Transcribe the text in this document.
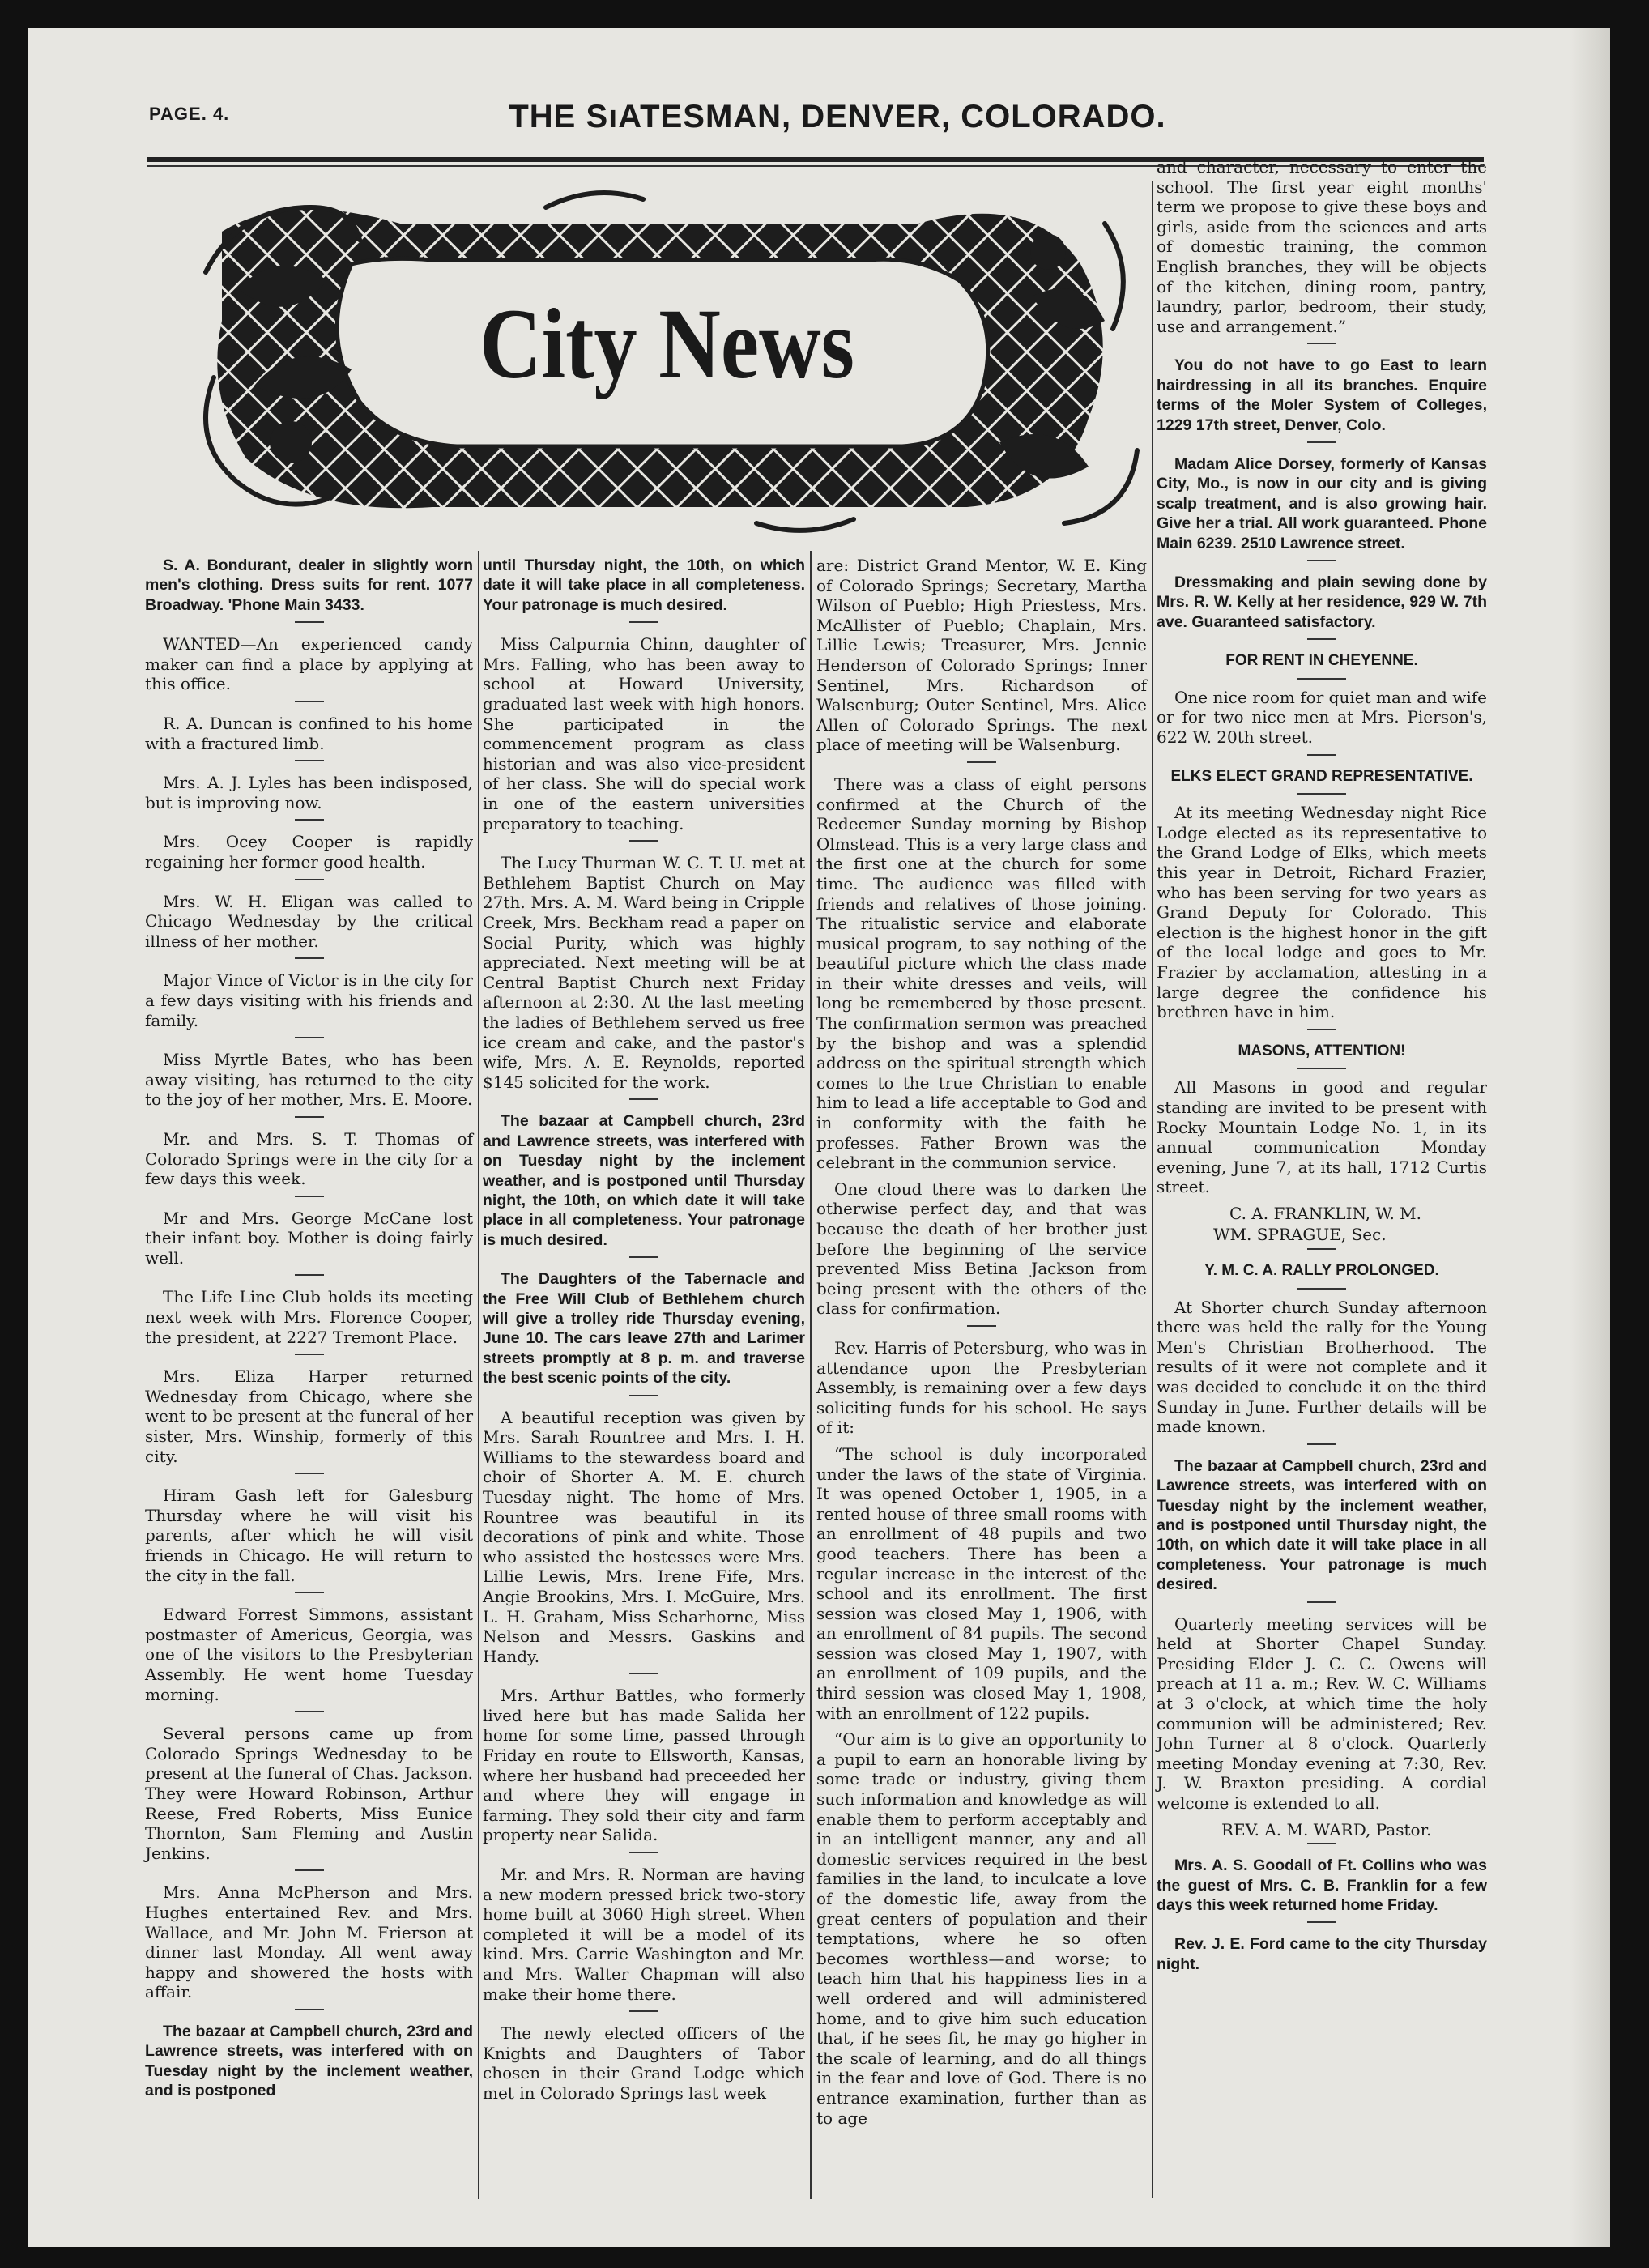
PAGE. 4.	THE SıATESMAN, DENVER, COLORADO.
City News

S. A. Bondurant, dealer in slightly worn men's clothing. Dress suits for rent. 1077 Broadway. 'Phone Main 3433.

WANTED—An experienced candy maker can find a place by applying at this office.

R. A. Duncan is confined to his home with a fractured limb.

Mrs. A. J. Lyles has been indisposed, but is improving now.

Mrs. Ocey Cooper is rapidly regaining her former good health.

Mrs. W. H. Eligan was called to Chicago Wednesday by the critical illness of her mother.

Major Vince of Victor is in the city for a few days visiting with his friends and family.

Miss Myrtle Bates, who has been away visiting, has returned to the city to the joy of her mother, Mrs. E. Moore.

Mr. and Mrs. S. T. Thomas of Colorado Springs were in the city for a few days this week.

Mr and Mrs. George McCane lost their infant boy. Mother is doing fairly well.

The Life Line Club holds its meeting next week with Mrs. Florence Cooper, the president, at 2227 Tremont Place.

Mrs. Eliza Harper returned Wednesday from Chicago, where she went to be present at the funeral of her sister, Mrs. Winship, formerly of this city.

Hiram Gash left for Galesburg Thursday where he will visit his parents, after which he will visit friends in Chicago. He will return to the city in the fall.

Edward Forrest Simmons, assistant postmaster of Americus, Georgia, was one of the visitors to the Presbyterian Assembly. He went home Tuesday morning.

Several persons came up from Colorado Springs Wednesday to be present at the funeral of Chas. Jackson. They were Howard Robinson, Arthur Reese, Fred Roberts, Miss Eunice Thornton, Sam Fleming and Austin Jenkins.

Mrs. Anna McPherson and Mrs. Hughes entertained Rev. and Mrs. Wallace, and Mr. John M. Frierson at dinner last Monday. All went away happy and showered the hosts with affair.

The bazaar at Campbell church, 23rd and Lawrence streets, was interfered with on Tuesday night by the inclement weather, and is postponed

until Thursday night, the 10th, on which date it will take place in all completeness. Your patronage is much desired.

Miss Calpurnia Chinn, daughter of Mrs. Falling, who has been away to school at Howard University, graduated last week with high honors. She participated in the commencement program as class historian and was also vice-president of her class. She will do special work in one of the eastern universities preparatory to teaching.

The Lucy Thurman W. C. T. U. met at Bethlehem Baptist Church on May 27th. Mrs. A. M. Ward being in Cripple Creek, Mrs. Beckham read a paper on Social Purity, which was highly appreciated. Next meeting will be at Central Baptist Church next Friday afternoon at 2:30. At the last meeting the ladies of Bethlehem served us free ice cream and cake, and the pastor's wife, Mrs. A. E. Reynolds, reported $145 solicited for the work.

The bazaar at Campbell church, 23rd and Lawrence streets, was interfered with on Tuesday night by the inclement weather, and is postponed until Thursday night, the 10th, on which date it will take place in all completeness. Your patronage is much desired.

The Daughters of the Tabernacle and the Free Will Club of Bethlehem church will give a trolley ride Thursday evening, June 10. The cars leave 27th and Larimer streets promptly at 8 p. m. and traverse the best scenic points of the city.

A beautiful reception was given by Mrs. Sarah Rountree and Mrs. I. H. Williams to the stewardess board and choir of Shorter A. M. E. church Tuesday night. The home of Mrs. Rountree was beautiful in its decorations of pink and white. Those who assisted the hostesses were Mrs. Lillie Lewis, Mrs. Irene Fife, Mrs. Angie Brookins, Mrs. I. McGuire, Mrs. L. H. Graham, Miss Scharhorne, Miss Nelson and Messrs. Gaskins and Handy.

Mrs. Arthur Battles, who formerly lived here but has made Salida her home for some time, passed through Friday en route to Ellsworth, Kansas, where her husband had preceeded her and where they will engage in farming. They sold their city and farm property near Salida.

Mr. and Mrs. R. Norman are having a new modern pressed brick two-story home built at 3060 High street. When completed it will be a model of its kind. Mrs. Carrie Washington and Mr. and Mrs. Walter Chapman will also make their home there.

The newly elected officers of the Knights and Daughters of Tabor chosen in their Grand Lodge which met in Colorado Springs last week

are: District Grand Mentor, W. E. King of Colorado Springs; Secretary, Martha Wilson of Pueblo; High Priestess, Mrs. McAllister of Pueblo; Chaplain, Mrs. Lillie Lewis; Treasurer, Mrs. Jennie Henderson of Colorado Springs; Inner Sentinel, Mrs. Richardson of Walsenburg; Outer Sentinel, Mrs. Alice Allen of Colorado Springs. The next place of meeting will be Walsenburg.

There was a class of eight persons confirmed at the Church of the Redeemer Sunday morning by Bishop Olmstead. This is a very large class and the first one at the church for some time. The audience was filled with friends and relatives of those joining. The ritualistic service and elaborate musical program, to say nothing of the beautiful picture which the class made in their white dresses and veils, will long be remembered by those present. The confirmation sermon was preached by the bishop and was a splendid address on the spiritual strength which comes to the true Christian to enable him to lead a life acceptable to God and in conformity with the faith he professes. Father Brown was the celebrant in the communion service.

One cloud there was to darken the otherwise perfect day, and that was because the death of her brother just before the beginning of the service prevented Miss Betina Jackson from being present with the others of the class for confirmation.

Rev. Harris of Petersburg, who was in attendance upon the Presbyterian Assembly, is remaining over a few days soliciting funds for his school. He says of it:

“The school is duly incorporated under the laws of the state of Virginia. It was opened October 1, 1905, in a rented house of three small rooms with an enrollment of 48 pupils and two good teachers. There has been a regular increase in the interest of the school and its enrollment. The first session was closed May 1, 1906, with an enrollment of 84 pupils. The second session was closed May 1, 1907, with an enrollment of 109 pupils, and the third session was closed May 1, 1908, with an enrollment of 122 pupils.

“Our aim is to give an opportunity to a pupil to earn an honorable living by some trade or industry, giving them such information and knowledge as will enable them to perform acceptably and in an intelligent manner, any and all domestic services required in the best families in the land, to inculcate a love of the domestic life, away from the great centers of population and their temptations, where he so often becomes worthless—and worse; to teach him that his happiness lies in a well ordered and will administered home, and to give him such education that, if he sees fit, he may go higher in the scale of learning, and do all things in the fear and love of God. There is no entrance examination, further than as to age

and character, necessary to enter the school. The first year eight months' term we propose to give these boys and girls, aside from the sciences and arts of domestic training, the common English branches, they will be objects of the kitchen, dining room, pantry, laundry, parlor, bedroom, their study, use and arrangement.”

You do not have to go East to learn hairdressing in all its branches. Enquire terms of the Moler System of Colleges, 1229 17th street, Denver, Colo.

Madam Alice Dorsey, formerly of Kansas City, Mo., is now in our city and is giving scalp treatment, and is also growing hair. Give her a trial. All work guaranteed. Phone Main 6239. 2510 Lawrence street.

Dressmaking and plain sewing done by Mrs. R. W. Kelly at her residence, 929 W. 7th ave. Guaranteed satisfactory.

FOR RENT IN CHEYENNE.

One nice room for quiet man and wife or for two nice men at Mrs. Pierson's, 622 W. 20th street.

ELKS ELECT GRAND REPRESENTATIVE.

At its meeting Wednesday night Rice Lodge elected as its representative to the Grand Lodge of Elks, which meets this year in Detroit, Richard Frazier, who has been serving for two years as Grand Deputy for Colorado. This election is the highest honor in the gift of the local lodge and goes to Mr. Frazier by acclamation, attesting in a large degree the confidence his brethren have in him.

MASONS, ATTENTION!

All Masons in good and regular standing are invited to be present with Rocky Mountain Lodge No. 1, in its annual communication Monday evening, June 7, at its hall, 1712 Curtis street.

C. A. FRANKLIN, W. M.

WM. SPRAGUE, Sec.

Y. M. C. A. RALLY PROLONGED.

At Shorter church Sunday afternoon there was held the rally for the Young Men's Christian Brotherhood. The results of it were not complete and it was decided to conclude it on the third Sunday in June. Further details will be made known.

The bazaar at Campbell church, 23rd and Lawrence streets, was interfered with on Tuesday night by the inclement weather, and is postponed until Thursday night, the 10th, on which date it will take place in all completeness. Your patronage is much desired.

Quarterly meeting services will be held at Shorter Chapel Sunday. Presiding Elder J. C. C. Owens will preach at 11 a. m.; Rev. W. C. Williams at 3 o'clock, at which time the holy communion will be administered; Rev. John Turner at 8 o'clock. Quarterly meeting Monday evening at 7:30, Rev. J. W. Braxton presiding. A cordial welcome is extended to all.

REV. A. M. WARD, Pastor.

Mrs. A. S. Goodall of Ft. Collins who was the guest of Mrs. C. B. Franklin for a few days this week returned home Friday.

Rev. J. E. Ford came to the city Thursday night.
